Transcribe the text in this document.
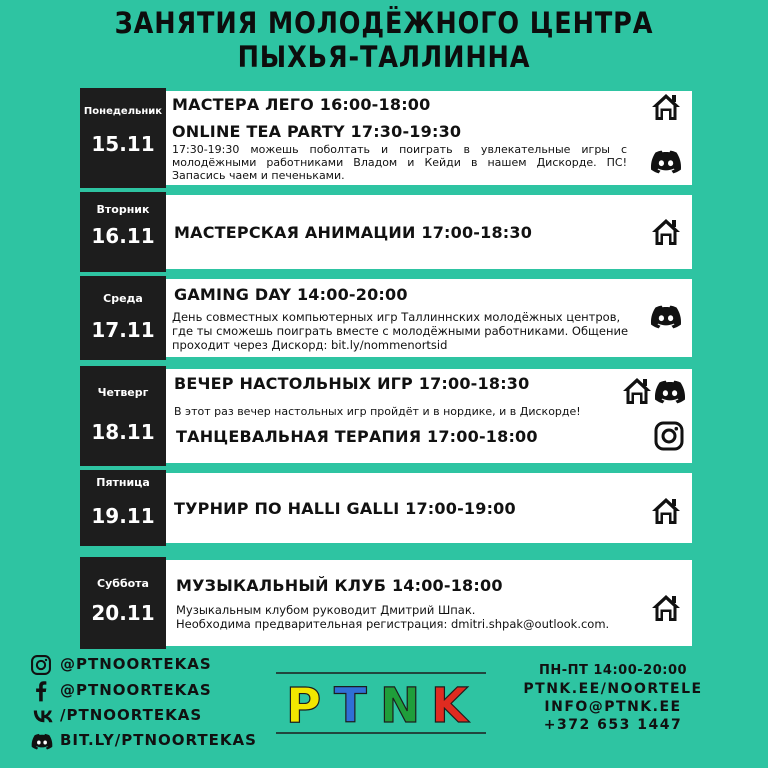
ЗАНЯТИЯ МОЛОДЁЖНОГО ЦЕНТРА
ПЫХЬЯ-ТАЛЛИННА
Понедельник
15.11
МАСТЕРА ЛЕГО 16:00-18:00
ONLINE TEA PARTY 17:30-19:30
17:30-19:30 можешь поболтать и поиграть в увлекательные игры с молодёжными работниками Владом и Кейди в нашем Дискорде. ПС! Запасись чаем и печеньками.
Вторник
16.11	МАСТЕРСКАЯ АНИМАЦИИ 17:00-18:30
Среда
17.11
GAMING DAY 14:00-20:00
День совместных компьютерных игр Таллиннских молодёжных центров, где ты сможешь поиграть вместе с молодёжными работниками. Общение проходит через Дискорд: bit.ly/nommenortsid
Четверг
18.11
ВЕЧЕР НАСТОЛЬНЫХ ИГР 17:00-18:30
В этот раз вечер настольных игр пройдёт и в нордике, и в Дискорде!
ТАНЦЕВАЛЬНАЯ ТЕРАПИЯ 17:00-18:00
Пятница
19.11	ТУРНИР ПО HALLI GALLI 17:00-19:00
Суббота
20.11
МУЗЫКАЛЬНЫЙ КЛУБ 14:00-18:00
Музыкальным клубом руководит Дмитрий Шпак.
Необходима предварительная регистрация: dmitri.shpak@outlook.com.
@PTNOORTEKAS
@PTNOORTEKAS
/PTNOORTEKAS
BIT.LY/PTNOORTEKAS
P T N K
ПН-ПТ 14:00-20:00
PTNK.EE/NOORTELE
INFO@PTNK.EE
+372 653 1447
